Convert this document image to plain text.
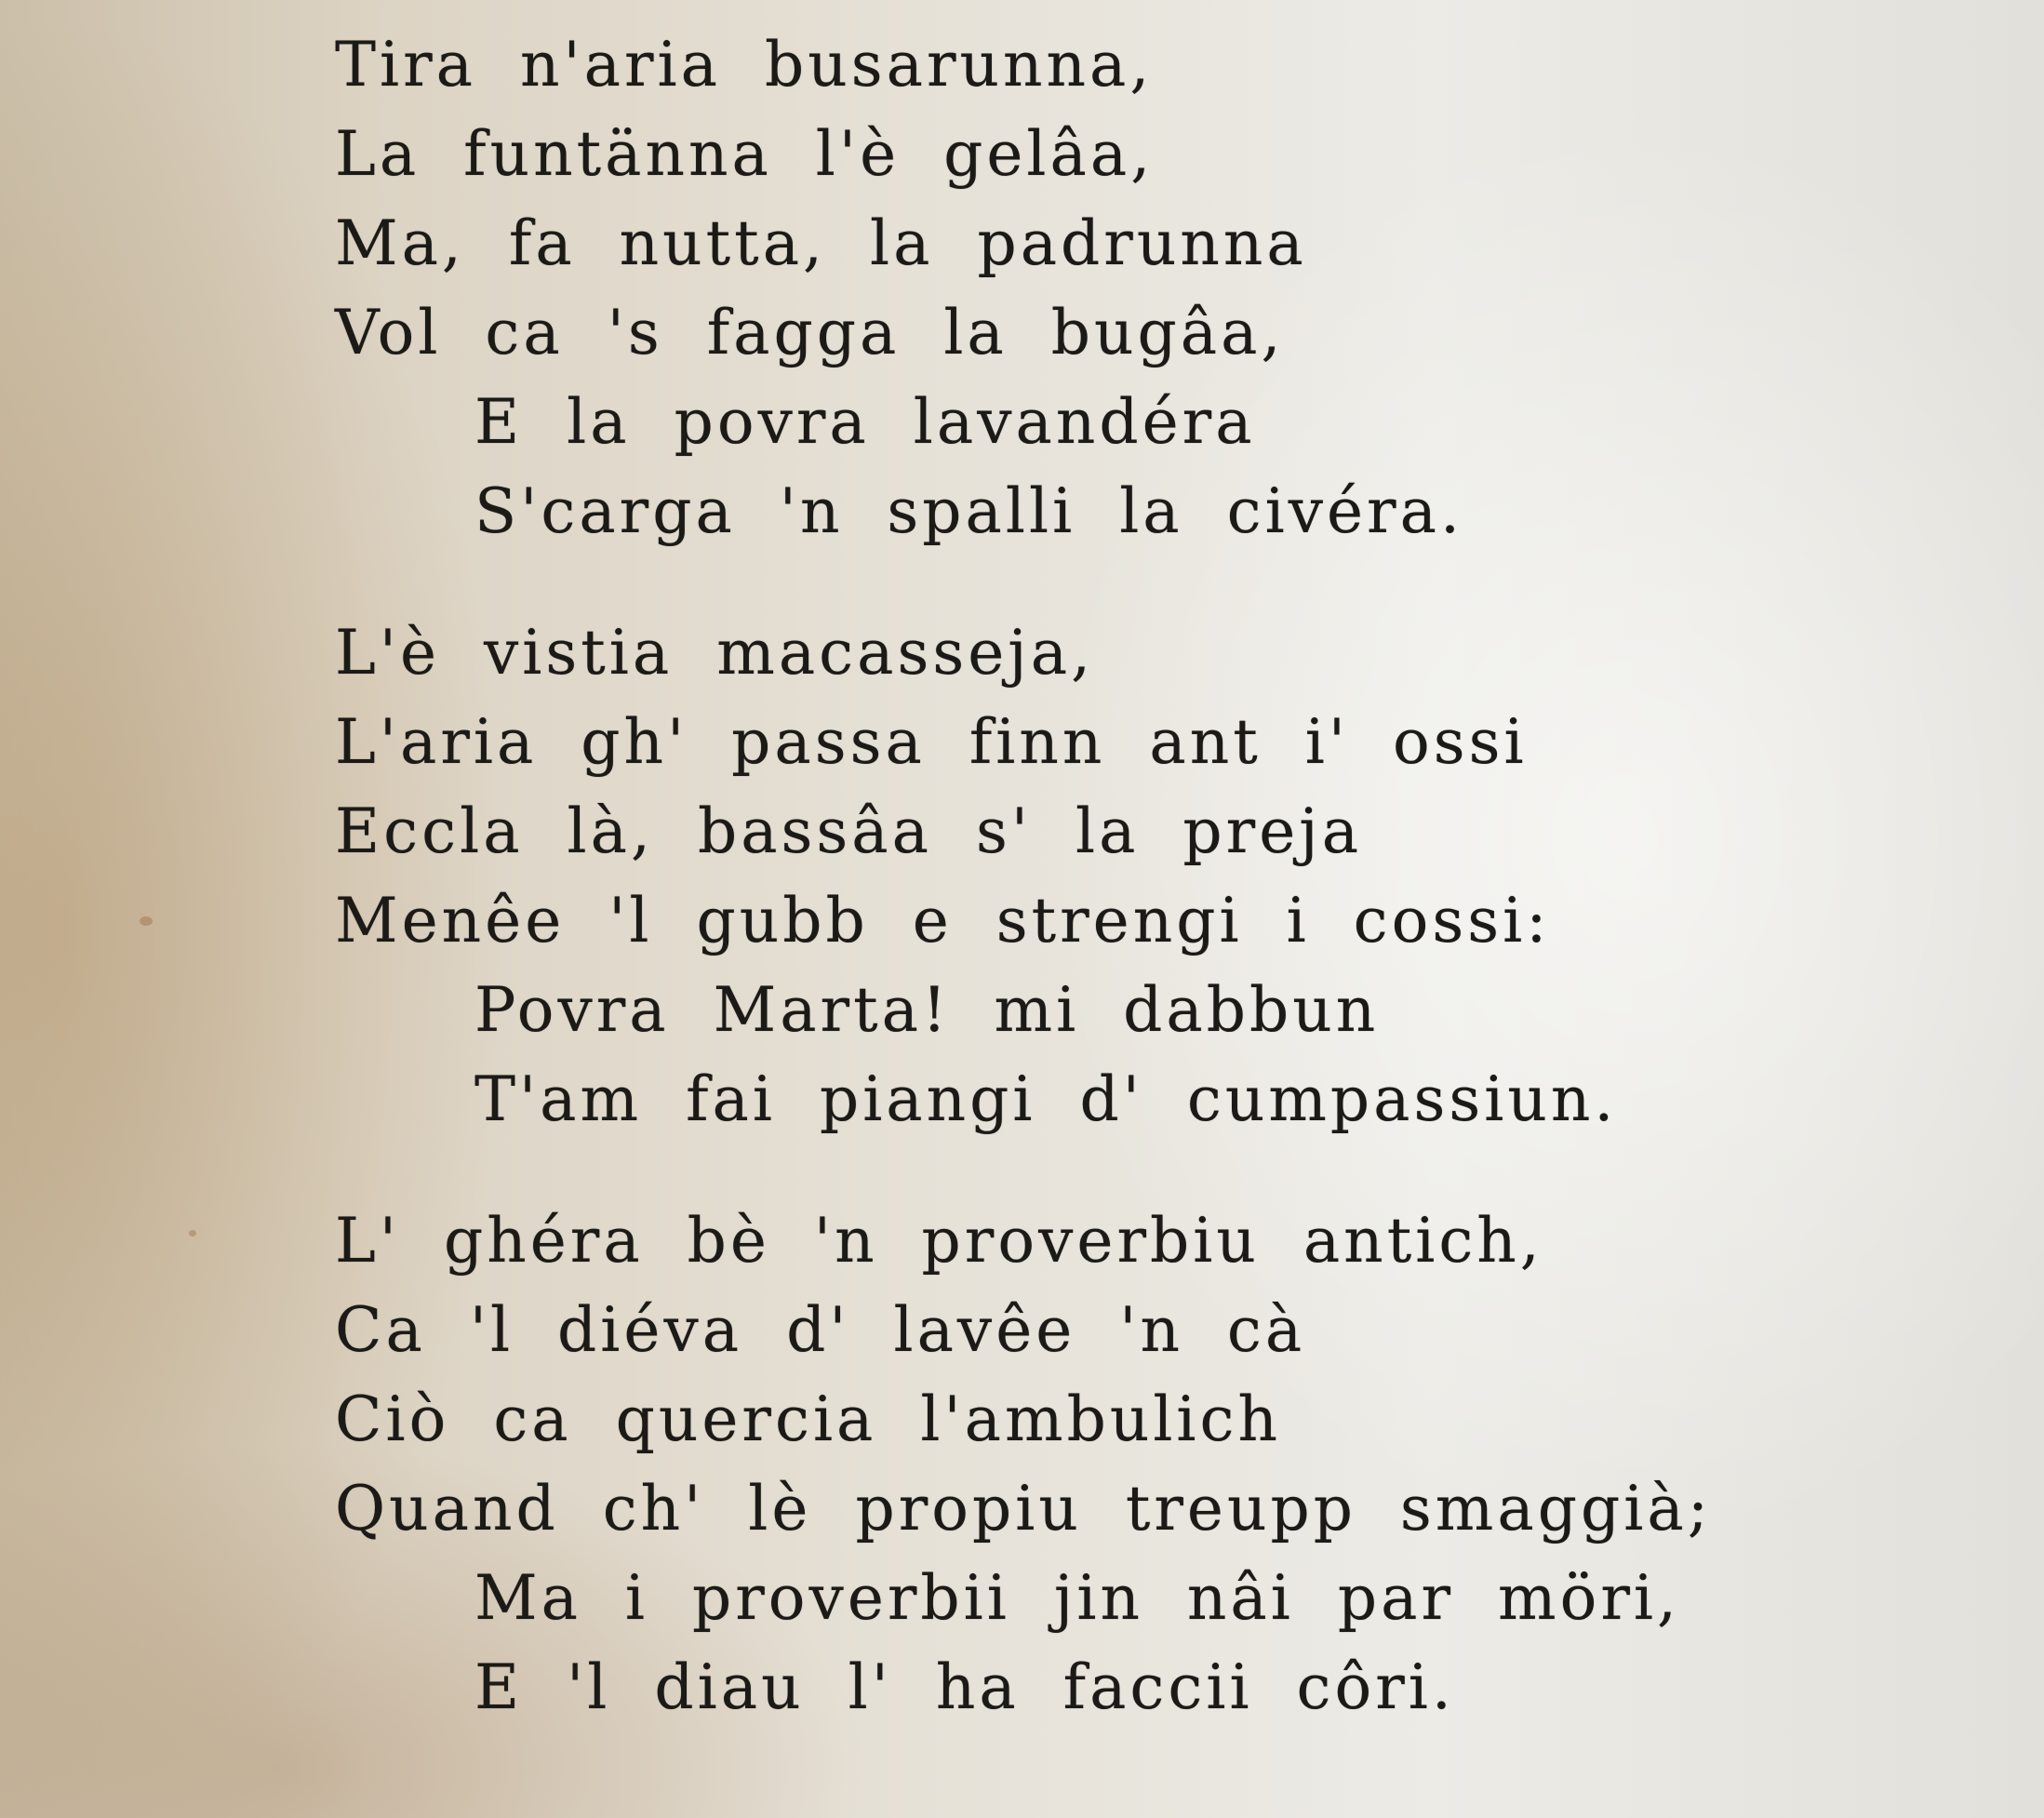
Tira n'aria busarunna,
La funtänna l'è gelâa,
Ma, fa nutta, la padrunna
Vol ca 's fagga la bugâa,
E la povra lavandéra
S'carga 'n spalli la civéra.
L'è vistia macasseja,
L'aria gh' passa finn ant i' ossi
Eccla là, bassâa s' la preja
Menêe 'l gubb e strengi i cossi:
Povra Marta! mi dabbun
T'am fai piangi d' cumpassiun.
L' ghéra bè 'n proverbiu antich,
Ca 'l diéva d' lavêe 'n cà
Ciò ca quercia l'ambulich
Quand ch' lè propiu treupp smaggià;
Ma i proverbii jin nâi par möri,
E 'l diau l' ha faccii côri.
